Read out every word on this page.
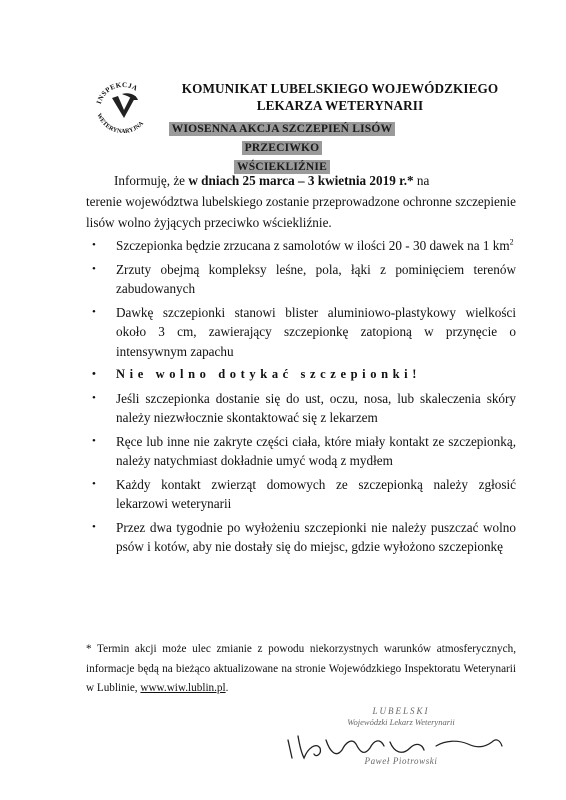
INSPEKCJA
WETERYNARYJNA
KOMUNIKAT LUBELSKIEGO WOJEWÓDZKIEGO
LEKARZA WETERYNARII
WIOSENNA AKCJA SZCZEPIEŃ LISÓW PRZECIWKO
WŚCIEKLIŹNIE
Informuję, że w dniach 25 marca – 3 kwietnia 2019 r.* na
terenie województwa lubelskiego zostanie przeprowadzone ochronne szczepienie lisów wolno żyjących przeciwko wściekliźnie.
• Szczepionka będzie zrzucana z samolotów w ilości 20 - 30 dawek na 1 $km^2$
• Zrzuty obejmą kompleksy leśne, pola, łąki z pominięciem terenów zabudowanych
• Dawkę szczepionki stanowi blister aluminiowo-plastykowy wielkości około 3 cm, zawierający szczepionkę zatopioną w przynęcie o intensywnym zapachu
• Nie wolno dotykać szczepionki!
• Jeśli szczepionka dostanie się do ust, oczu, nosa, lub skaleczenia skóry należy niezwłocznie skontaktować się z lekarzem
• Ręce lub inne nie zakryte części ciała, które miały kontakt ze szczepionką, należy natychmiast dokładnie umyć wodą z mydłem
• Każdy kontakt zwierząt domowych ze szczepionką należy zgłosić lekarzowi weterynarii
• Przez dwa tygodnie po wyłożeniu szczepionki nie należy puszczać wolno psów i kotów, aby nie dostały się do miejsc, gdzie wyłożono szczepionkę
* Termin akcji może ulec zmianie z powodu niekorzystnych warunków atmosferycznych, informacje będą na bieżąco aktualizowane na stronie Wojewódzkiego Inspektoratu Weterynarii w Lublinie, www.wiw.lublin.pl.
LUBELSKI
Wojewódzki Lekarz Weterynarii
Paweł Piotrowski
